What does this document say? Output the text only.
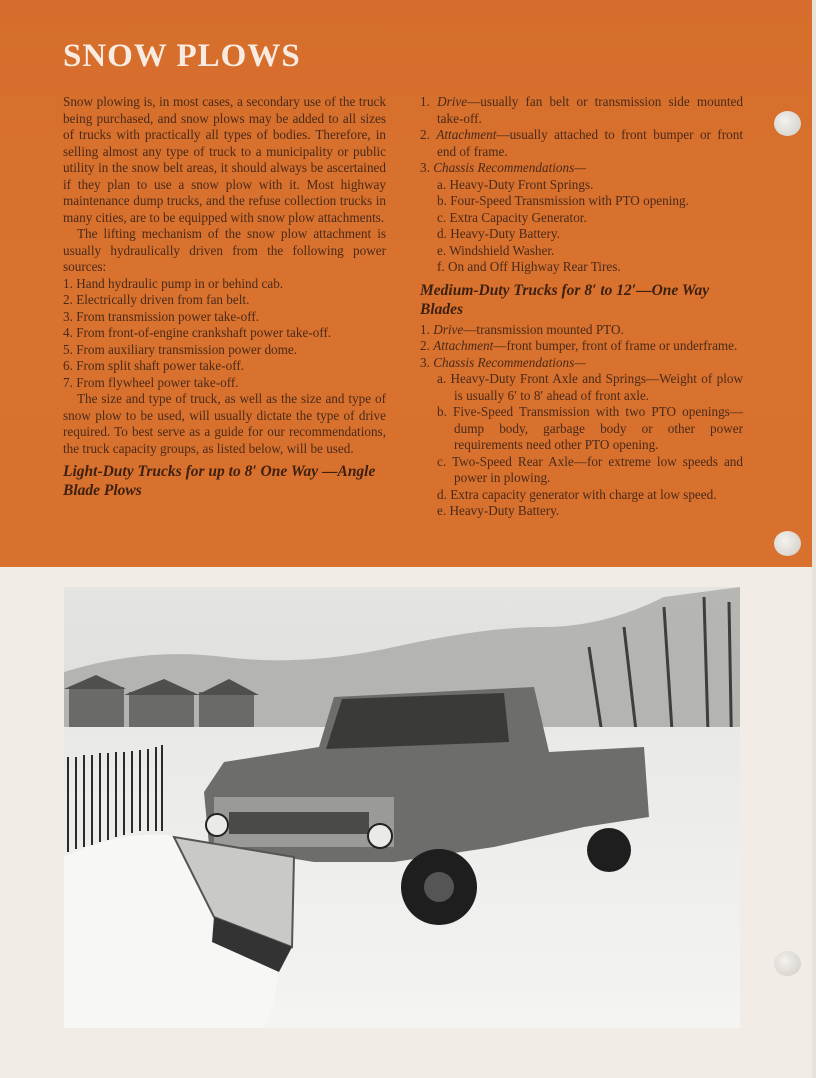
SNOW PLOWS

Snow plowing is, in most cases, a secondary use of the truck being purchased, and snow plows may be added to all sizes of trucks with practically all types of bodies. Therefore, in selling almost any type of truck to a municipality or public utility in the snow belt areas, it should always be ascertained if they plan to use a snow plow with it. Most highway maintenance dump trucks, and the refuse collection trucks in many cities, are to be equipped with snow plow attachments.

The lifting mechanism of the snow plow attachment is usually hydraulically driven from the following power sources:

1. Hand hydraulic pump in or behind cab.

2. Electrically driven from fan belt.

3. From transmission power take-off.

4. From front-of-engine crankshaft power take-off.

5. From auxiliary transmission power dome.

6. From split shaft power take-off.

7. From flywheel power take-off.

The size and type of truck, as well as the size and type of snow plow to be used, will usually dictate the type of drive required. To best serve as a guide for our recommendations, the truck capacity groups, as listed below, will be used.

Light-Duty Trucks for up to 8′ One Way —Angle Blade Plows

1. Drive—usually fan belt or transmission side mounted take-off.

2. Attachment—usually attached to front bumper or front end of frame.

3. Chassis Recommendations—

a. Heavy-Duty Front Springs.

b. Four-Speed Transmission with PTO opening.

c. Extra Capacity Generator.

d. Heavy-Duty Battery.

e. Windshield Washer.

f. On and Off Highway Rear Tires.

Medium-Duty Trucks for 8′ to 12′—One Way Blades

1. Drive—transmission mounted PTO.

2. Attachment—front bumper, front of frame or underframe.

3. Chassis Recommendations—

a. Heavy-Duty Front Axle and Springs—Weight of plow is usually 6′ to 8′ ahead of front axle.

b. Five-Speed Transmission with two PTO openings—dump body, garbage body or other power requirements need other PTO opening.

c. Two-Speed Rear Axle—for extreme low speeds and power in plowing.

d. Extra capacity generator with charge at low speed.

e. Heavy-Duty Battery.
